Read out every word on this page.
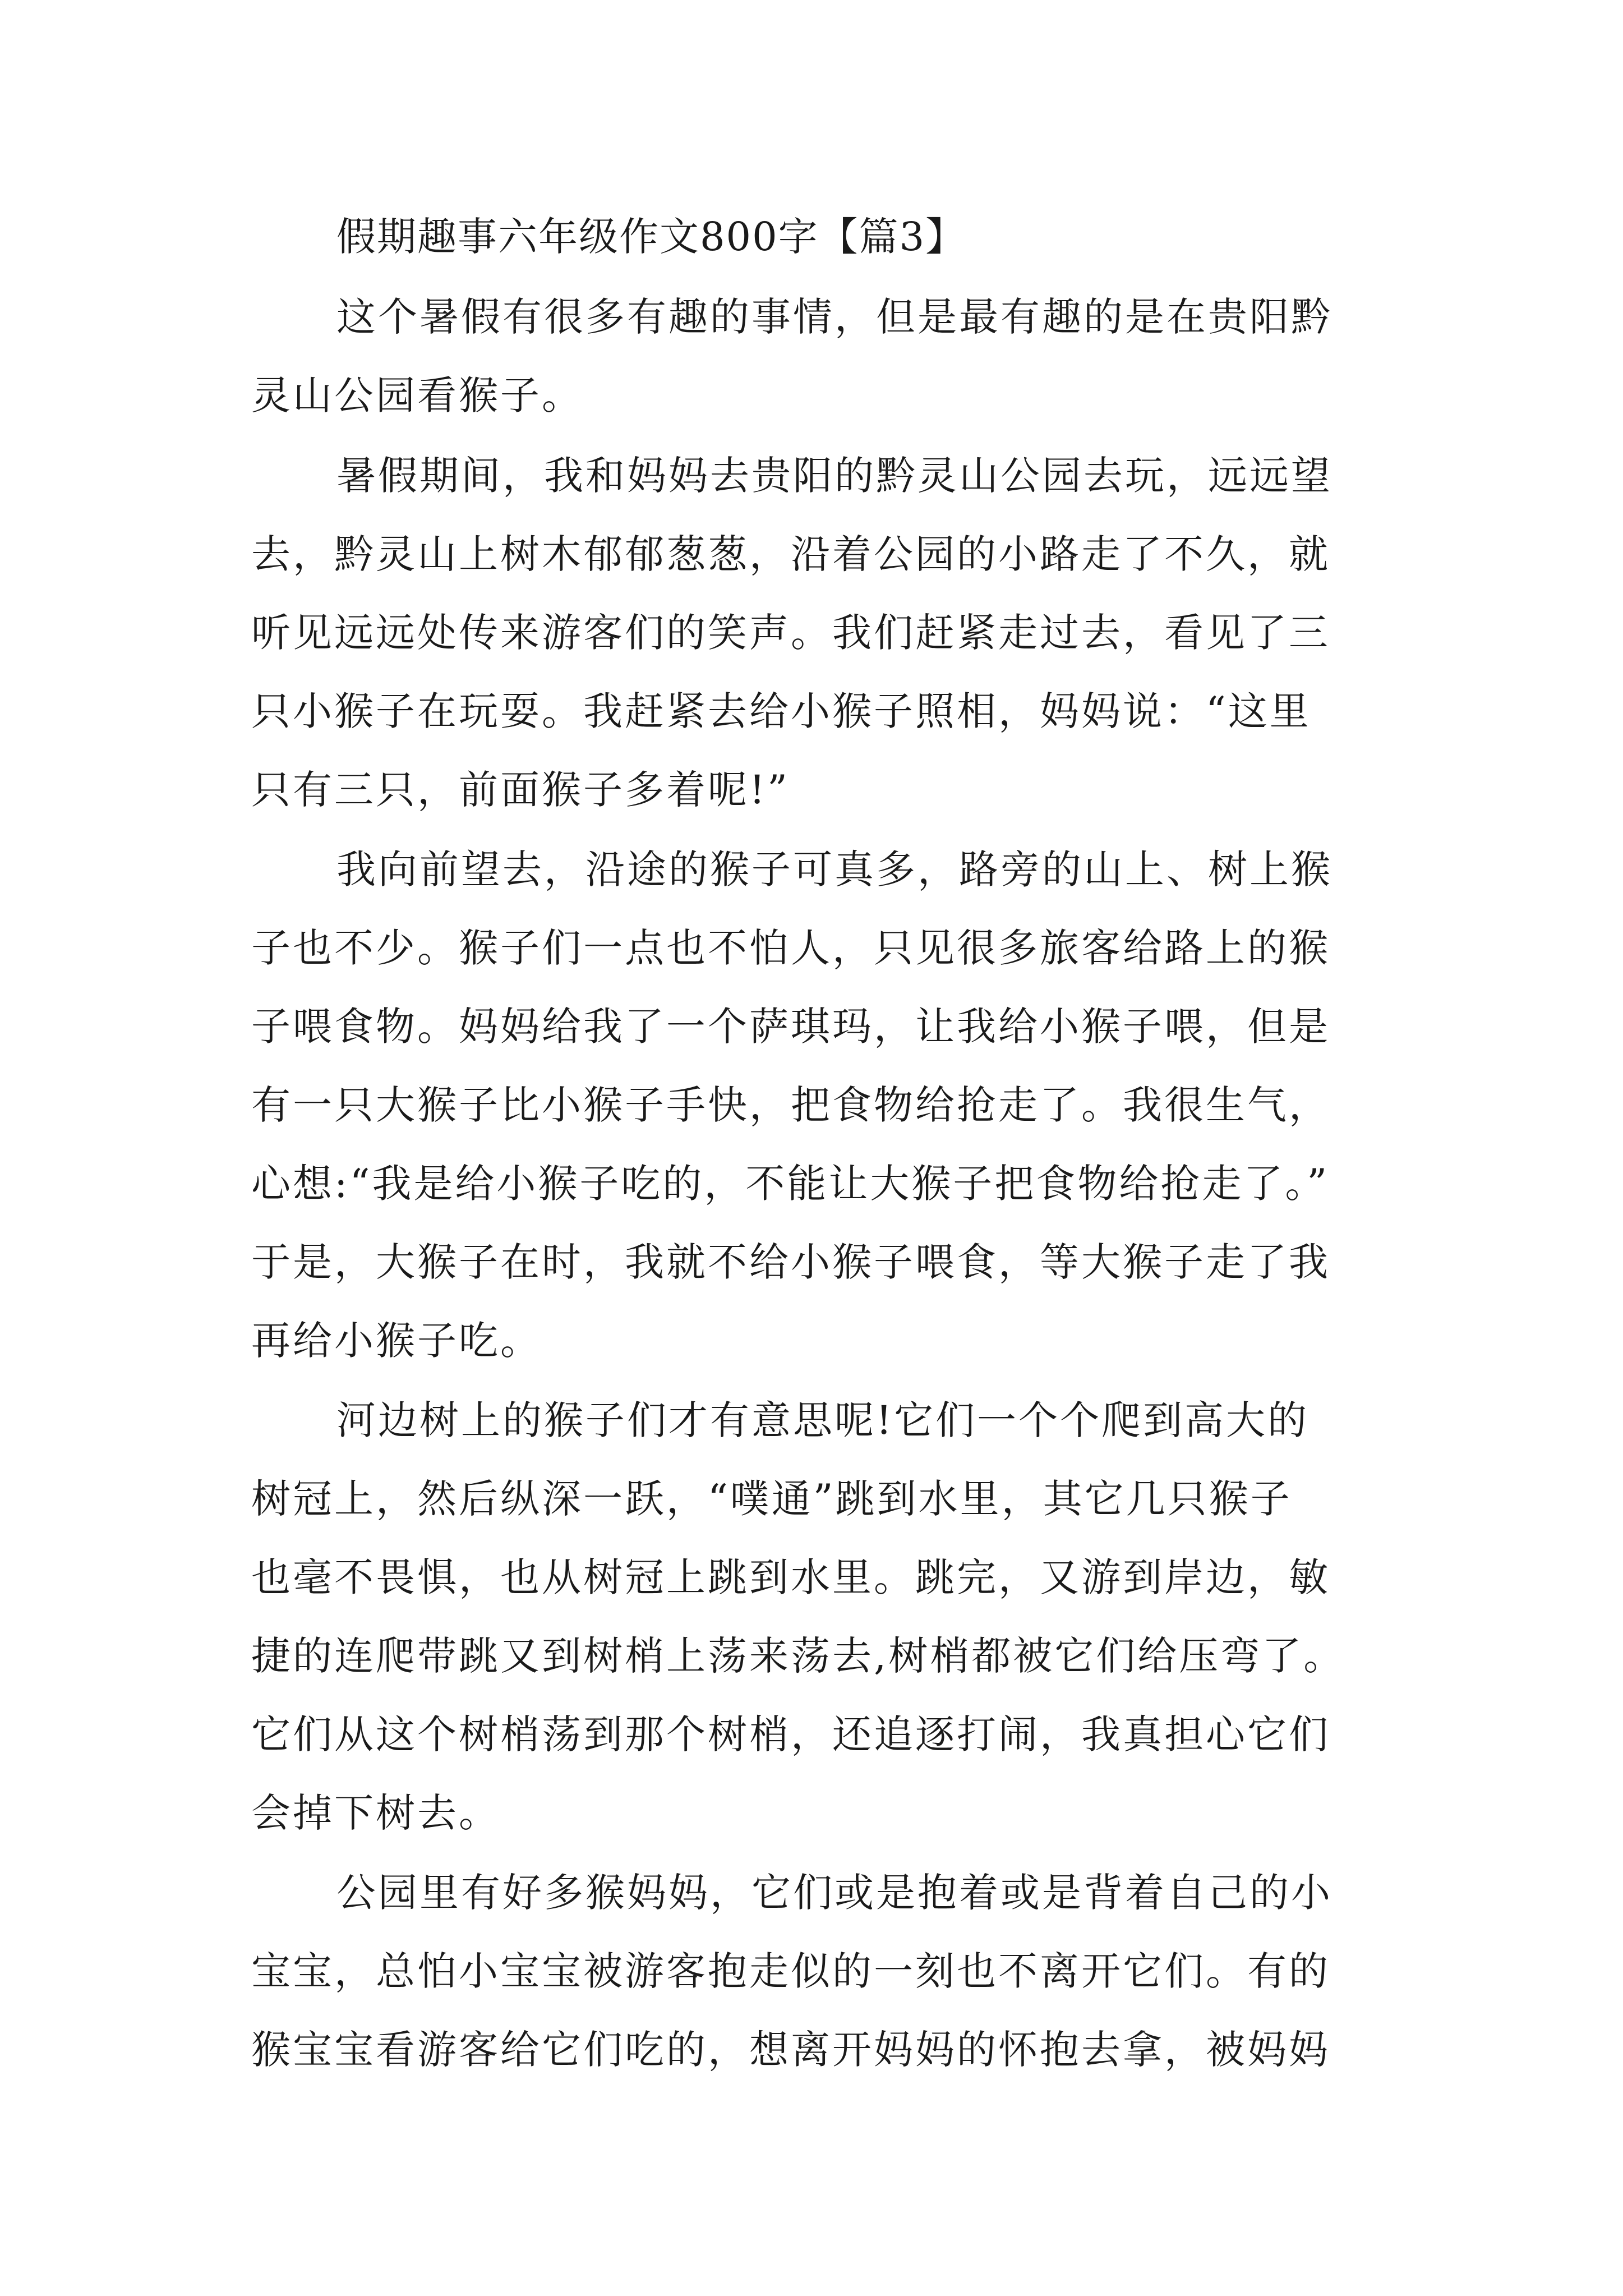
假期趣事六年级作文800字【篇3】
这个暑假有很多有趣的事情，但是最有趣的是在贵阳黔
灵山公园看猴子。
暑假期间，我和妈妈去贵阳的黔灵山公园去玩，远远望
去，黔灵山上树木郁郁葱葱，沿着公园的小路走了不久，就
听见远远处传来游客们的笑声。我们赶紧走过去，看见了三
只小猴子在玩耍。我赶紧去给小猴子照相，妈妈说：“这里
只有三只，前面猴子多着呢!”
我向前望去，沿途的猴子可真多，路旁的山上、树上猴
子也不少。猴子们一点也不怕人，只见很多旅客给路上的猴
子喂食物。妈妈给我了一个萨琪玛，让我给小猴子喂，但是
有一只大猴子比小猴子手快，把食物给抢走了。我很生气，
心想:“我是给小猴子吃的，不能让大猴子把食物给抢走了。”
于是，大猴子在时，我就不给小猴子喂食，等大猴子走了我
再给小猴子吃。
河边树上的猴子们才有意思呢!它们一个个爬到高大的
树冠上，然后纵深一跃，“噗通”跳到水里，其它几只猴子
也毫不畏惧，也从树冠上跳到水里。跳完，又游到岸边，敏
捷的连爬带跳又到树梢上荡来荡去,树梢都被它们给压弯了。
它们从这个树梢荡到那个树梢，还追逐打闹，我真担心它们
会掉下树去。
公园里有好多猴妈妈，它们或是抱着或是背着自己的小
宝宝，总怕小宝宝被游客抱走似的一刻也不离开它们。有的
猴宝宝看游客给它们吃的，想离开妈妈的怀抱去拿，被妈妈
